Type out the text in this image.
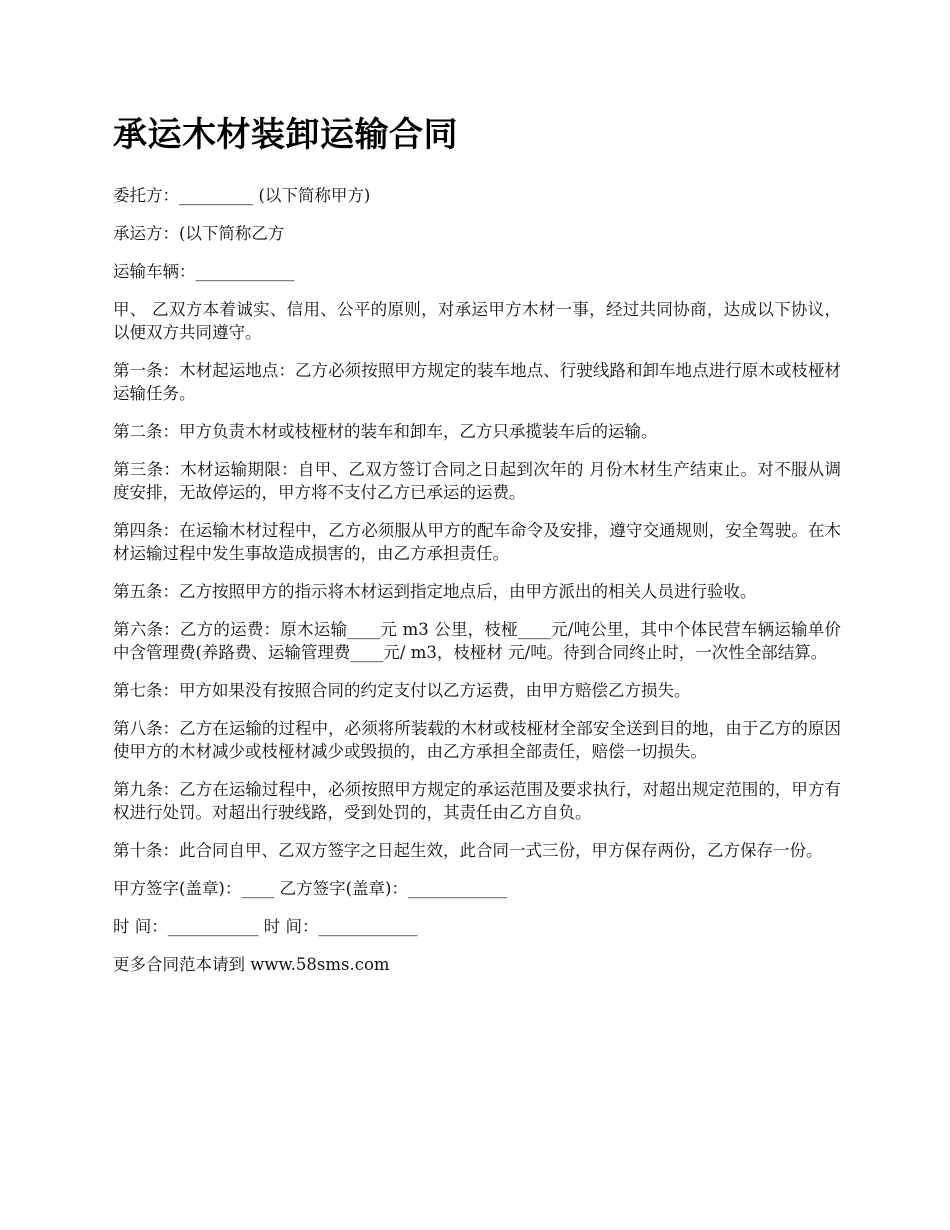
承运木材装卸运输合同

委托方：_________ (以下简称甲方)

承运方：(以下简称乙方

运输车辆：____________

甲、 乙双方本着诚实、信用、公平的原则，对承运甲方木材一事，经过共同协商，达成以下协议，以便双方共同遵守。

第一条：木材起运地点：乙方必须按照甲方规定的装车地点、行驶线路和卸车地点进行原木或枝桠材运输任务。

第二条：甲方负责木材或枝桠材的装车和卸车，乙方只承揽装车后的运输。

第三条：木材运输期限：自甲、乙双方签订合同之日起到次年的 月份木材生产结束止。对不服从调度安排，无故停运的，甲方将不支付乙方已承运的运费。

第四条：在运输木材过程中，乙方必须服从甲方的配车命令及安排，遵守交通规则，安全驾驶。在木材运输过程中发生事故造成损害的，由乙方承担责任。

第五条：乙方按照甲方的指示将木材运到指定地点后，由甲方派出的相关人员进行验收。

第六条：乙方的运费：原木运输____元 m3 公里，枝桠____元/吨公里，其中个体民营车辆运输单价中含管理费(养路费、运输管理费____元/ m3，枝桠材 元/吨。待到合同终止时，一次性全部结算。

第七条：甲方如果没有按照合同的约定支付以乙方运费，由甲方赔偿乙方损失。

第八条：乙方在运输的过程中，必须将所装载的木材或枝桠材全部安全送到目的地，由于乙方的原因使甲方的木材减少或枝桠材减少或毁损的，由乙方承担全部责任，赔偿一切损失。

第九条：乙方在运输过程中，必须按照甲方规定的承运范围及要求执行，对超出规定范围的，甲方有权进行处罚。对超出行驶线路，受到处罚的，其责任由乙方自负。

第十条：此合同自甲、乙双方签字之日起生效，此合同一式三份，甲方保存两份，乙方保存一份。

甲方签字(盖章)：____ 乙方签字(盖章)：____________

时 间：___________ 时 间：____________

更多合同范本请到 www.58sms.com
